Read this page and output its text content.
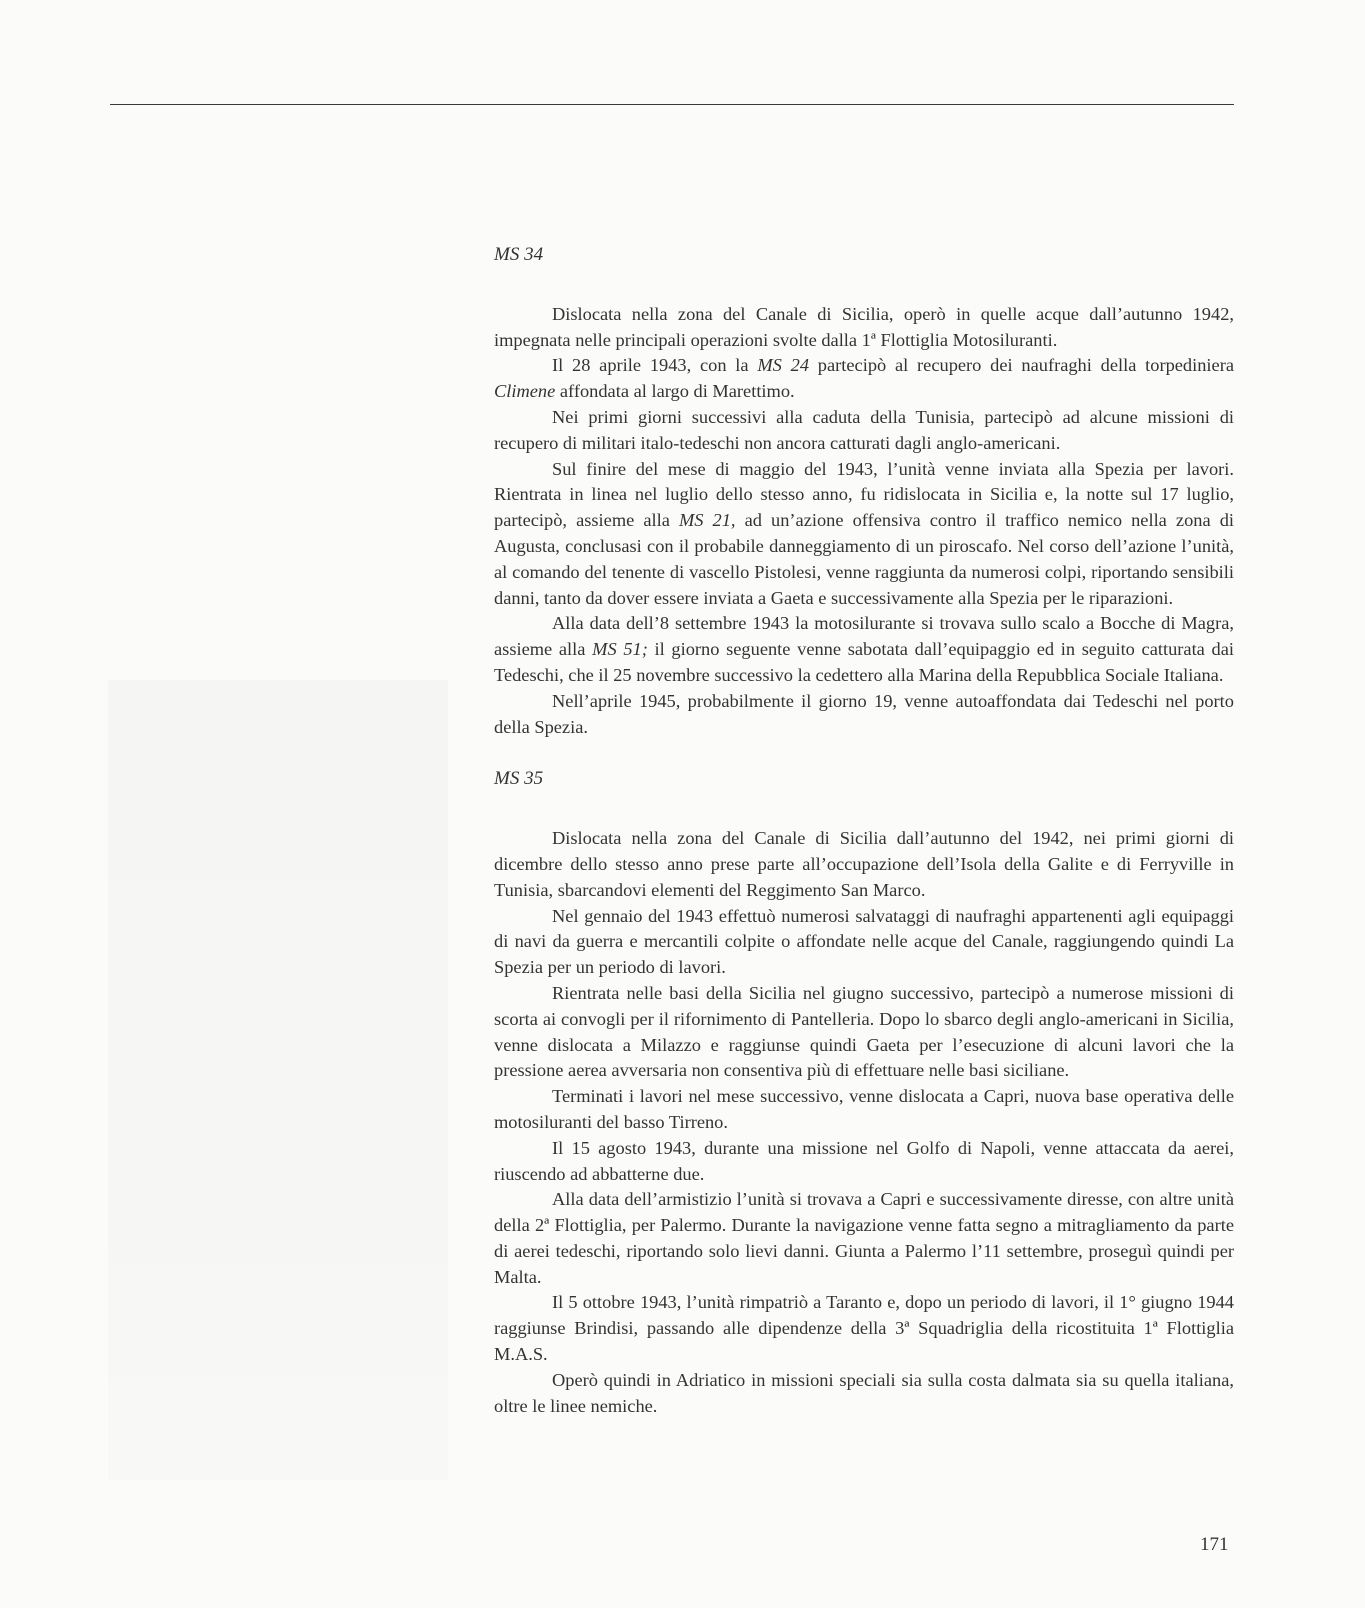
MS 34

Dislocata nella zona del Canale di Sicilia, operò in quelle acque dall’autunno 1942, impegnata nelle principali operazioni svolte dalla 1ª Flottiglia Motosiluranti.

Il 28 aprile 1943, con la MS 24 partecipò al recupero dei naufraghi della torpediniera Climene affondata al largo di Marettimo.

Nei primi giorni successivi alla caduta della Tunisia, partecipò ad alcune missioni di recupero di militari italo-tedeschi non ancora catturati dagli anglo-americani.

Sul finire del mese di maggio del 1943, l’unità venne inviata alla Spezia per lavori. Rientrata in linea nel luglio dello stesso anno, fu ridislocata in Sicilia e, la notte sul 17 luglio, partecipò, assieme alla MS 21, ad un’azione offensiva contro il traffico nemico nella zona di Augusta, conclusasi con il probabile danneggiamento di un piroscafo. Nel corso dell’azione l’unità, al comando del tenente di vascello Pistolesi, venne raggiunta da numerosi colpi, riportando sensibili danni, tanto da dover essere inviata a Gaeta e successivamente alla Spezia per le riparazioni.

Alla data dell’8 settembre 1943 la motosilurante si trovava sullo scalo a Bocche di Magra, assieme alla MS 51; il giorno seguente venne sabotata dall’equipaggio ed in seguito catturata dai Tedeschi, che il 25 novembre successivo la cedettero alla Marina della Repubblica Sociale Italiana.

Nell’aprile 1945, probabilmente il giorno 19, venne autoaffondata dai Tedeschi nel porto della Spezia.

MS 35

Dislocata nella zona del Canale di Sicilia dall’autunno del 1942, nei primi giorni di dicembre dello stesso anno prese parte all’occupazione dell’Isola della Galite e di Ferryville in Tunisia, sbarcandovi elementi del Reggimento San Marco.

Nel gennaio del 1943 effettuò numerosi salvataggi di naufraghi appartenenti agli equipaggi di navi da guerra e mercantili colpite o affondate nelle acque del Canale, raggiungendo quindi La Spezia per un periodo di lavori.

Rientrata nelle basi della Sicilia nel giugno successivo, partecipò a numerose missioni di scorta ai convogli per il rifornimento di Pantelleria. Dopo lo sbarco degli anglo-americani in Sicilia, venne dislocata a Milazzo e raggiunse quindi Gaeta per l’esecuzione di alcuni lavori che la pressione aerea avversaria non consentiva più di effettuare nelle basi siciliane.

Terminati i lavori nel mese successivo, venne dislocata a Capri, nuova base operativa delle motosiluranti del basso Tirreno.

Il 15 agosto 1943, durante una missione nel Golfo di Napoli, venne attaccata da aerei, riuscendo ad abbatterne due.

Alla data dell’armistizio l’unità si trovava a Capri e successivamente diresse, con altre unità della 2ª Flottiglia, per Palermo. Durante la navigazione venne fatta segno a mitragliamento da parte di aerei tedeschi, riportando solo lievi danni. Giunta a Palermo l’11 settembre, proseguì quindi per Malta.

Il 5 ottobre 1943, l’unità rimpatriò a Taranto e, dopo un periodo di lavori, il 1° giugno 1944 raggiunse Brindisi, passando alle dipendenze della 3ª Squadriglia della ricostituita 1ª Flottiglia M.A.S.

Operò quindi in Adriatico in missioni speciali sia sulla costa dalmata sia su quella italiana, oltre le linee nemiche.

171
